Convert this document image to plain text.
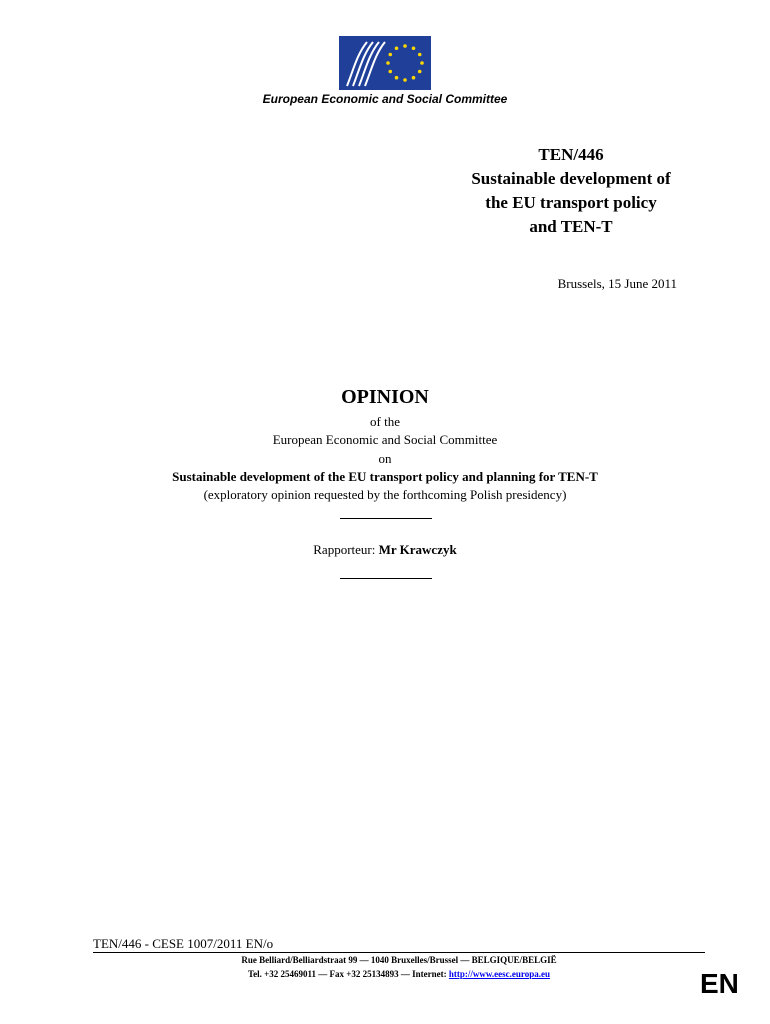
European Economic and Social Committee
TEN/446
Sustainable development of
the EU transport policy
and TEN-T
Brussels, 15 June 2011
OPINION
of the
European Economic and Social Committee
on
Sustainable development of the EU transport policy and planning for TEN-T
(exploratory opinion requested by the forthcoming Polish presidency)
Rapporteur: Mr Krawczyk
TEN/446 - CESE 1007/2011 EN/o
Rue Belliard/Belliardstraat 99 — 1040 Bruxelles/Brussel — BELGIQUE/BELGIË
Tel. +32 25469011 — Fax +32 25134893 — Internet: http://www.eesc.europa.eu	EN
